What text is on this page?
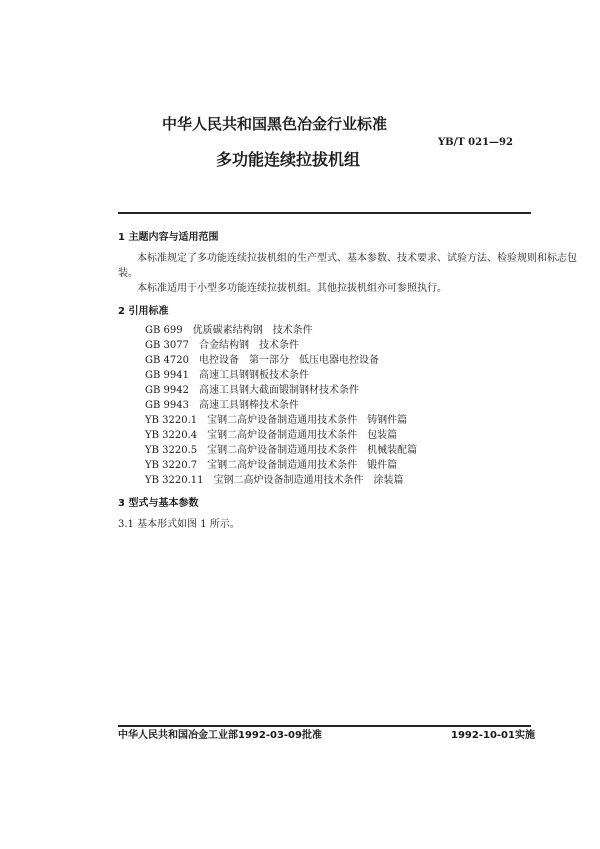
中华人民共和国黑色冶金行业标准
YB/T 021—92
多功能连续拉拔机组
1 主题内容与适用范围
本标准规定了多功能连续拉拔机组的生产型式、基本参数、技术要求、试验方法、检验规则和标志包
装。
本标准适用于小型多功能连续拉拔机组。其他拉拔机组亦可参照执行。
2 引用标准
GB 699 优质碳素结构钢　技术条件
GB 3077 合金结构钢　技术条件
GB 4720 电控设备　第一部分　低压电器电控设备
GB 9941 高速工具钢钢板技术条件
GB 9942 高速工具钢大截面锻制钢材技术条件
GB 9943 高速工具钢棒技术条件
YB 3220.1 宝钢二高炉设备制造通用技术条件　铸钢件篇
YB 3220.4 宝钢二高炉设备制造通用技术条件　包装篇
YB 3220.5 宝钢二高炉设备制造通用技术条件　机械装配篇
YB 3220.7 宝钢二高炉设备制造通用技术条件　锻件篇
YB 3220.11 宝钢二高炉设备制造通用技术条件　涂装篇
3 型式与基本参数
3.1 基本形式如图 1 所示。
中华人民共和国冶金工业部1992-03-09批准	1992-10-01实施
